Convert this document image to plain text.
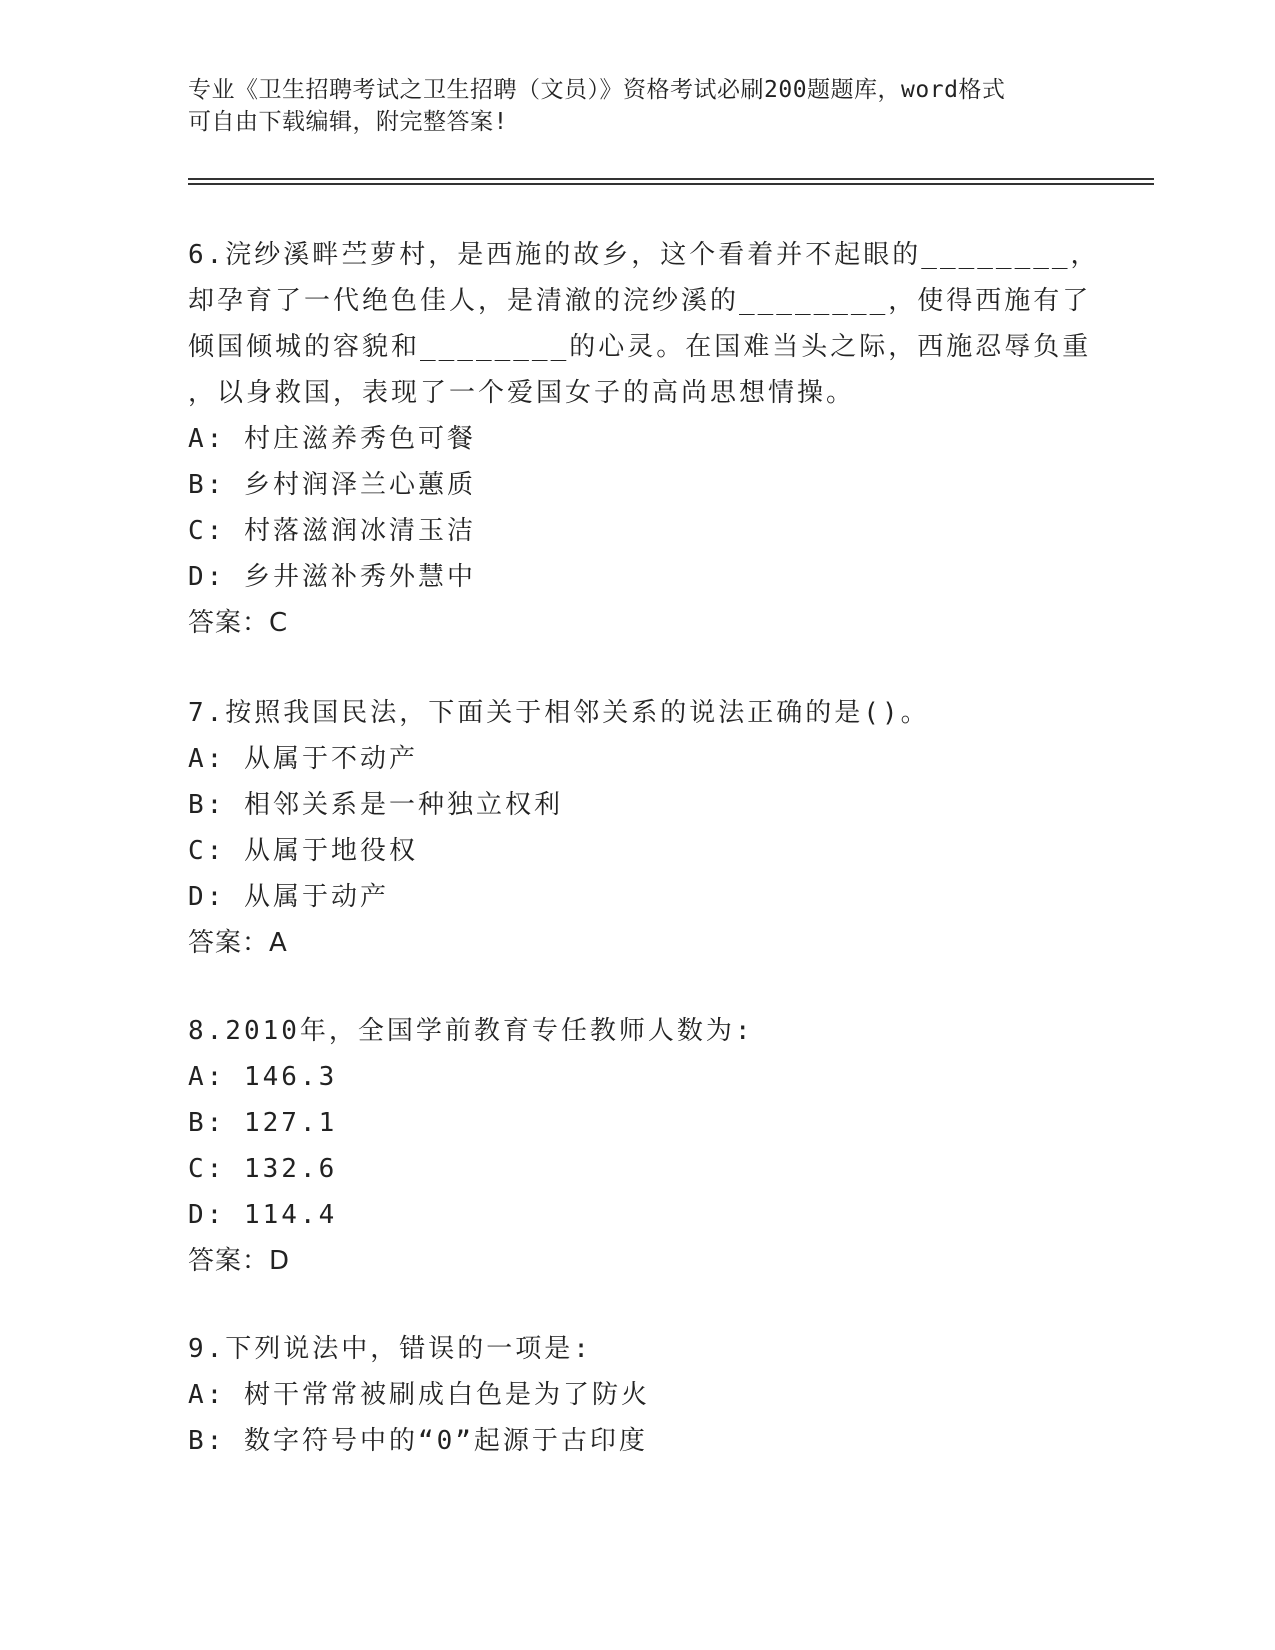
专业《卫生招聘考试之卫生招聘（文员）》资格考试必刷200题题库，word格式
可自由下载编辑，附完整答案!
6.浣纱溪畔苎萝村，是西施的故乡，这个看着并不起眼的________，
却孕育了一代绝色佳人，是清澈的浣纱溪的________，使得西施有了
倾国倾城的容貌和________的心灵。在国难当头之际，西施忍辱负重
，以身救国，表现了一个爱国女子的高尚思想情操。
A: 村庄滋养秀色可餐
B: 乡村润泽兰心蕙质
C: 村落滋润冰清玉洁
D: 乡井滋补秀外慧中
答案：C
7.按照我国民法，下面关于相邻关系的说法正确的是()。
A: 从属于不动产
B: 相邻关系是一种独立权利
C: 从属于地役权
D: 从属于动产
答案：A
8.2010年，全国学前教育专任教师人数为:
A: 146.3
B: 127.1
C: 132.6
D: 114.4
答案：D
9.下列说法中，错误的一项是:
A: 树干常常被刷成白色是为了防火
B: 数字符号中的“0”起源于古印度
